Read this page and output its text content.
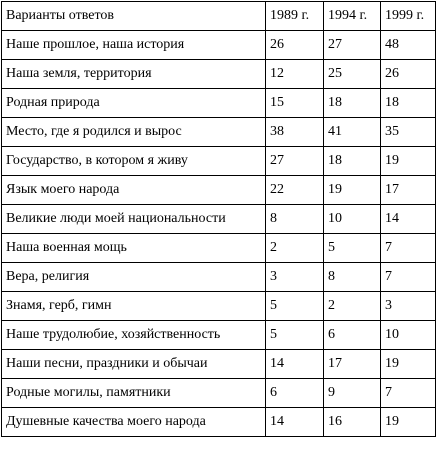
Варианты ответов	1989 г.	1994 г.	1999 г.
Наше прошлое, наша история	26	27	48
Наша земля, территория	12	25	26
Родная природа	15	18	18
Место, где я родился и вырос	38	41	35
Государство, в котором я живу	27	18	19
Язык моего народа	22	19	17
Великие люди моей национальности	8	10	14
Наша военная мощь	2	5	7
Вера, религия	3	8	7
Знамя, герб, гимн	5	2	3
Наше трудолюбие, хозяйственность	5	6	10
Наши песни, праздники и обычаи	14	17	19
Родные могилы, памятники	6	9	7
Душевные качества моего народа	14	16	19
